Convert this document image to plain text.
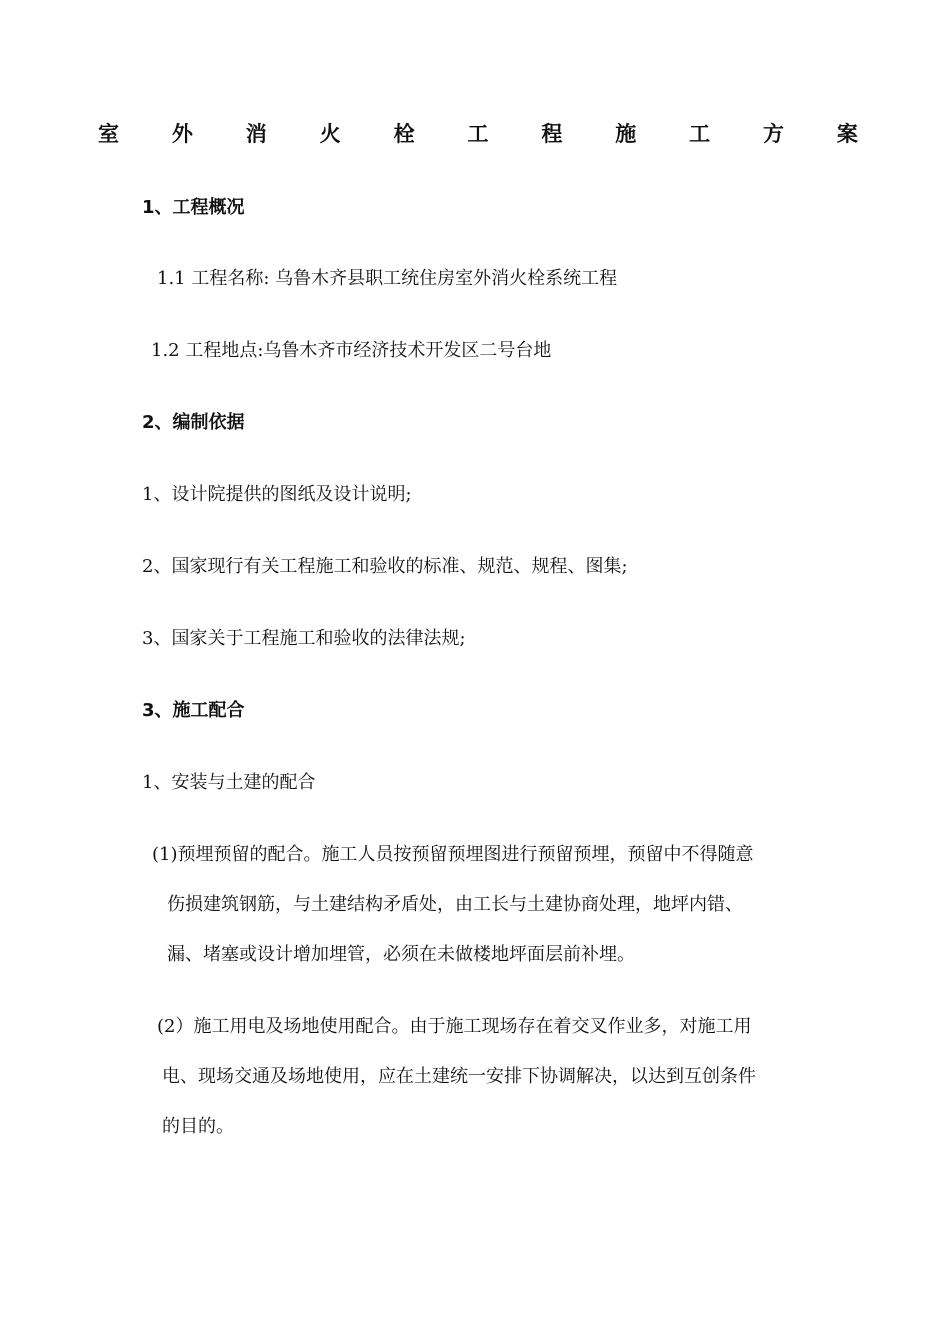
室	外	消	火	栓	工	程	施	工	方	案
1、工程概况
1.1 工程名称: 乌鲁木齐县职工统住房室外消火栓系统工程
1.2 工程地点:乌鲁木齐市经济技术开发区二号台地
2、编制依据
1、设计院提供的图纸及设计说明;
2、国家现行有关工程施工和验收的标准、规范、规程、图集;
3、国家关于工程施工和验收的法律法规;
3、施工配合
1、安装与土建的配合
(1)预埋预留的配合。施工人员按预留预埋图进行预留预埋，预留中不得随意
伤损建筑钢筋，与土建结构矛盾处，由工长与土建协商处理，地坪内错、
漏、堵塞或设计增加埋管，必须在未做楼地坪面层前补埋。
(2）施工用电及场地使用配合。由于施工现场存在着交叉作业多，对施工用
电、现场交通及场地使用，应在土建统一安排下协调解决，以达到互创条件
的目的。
